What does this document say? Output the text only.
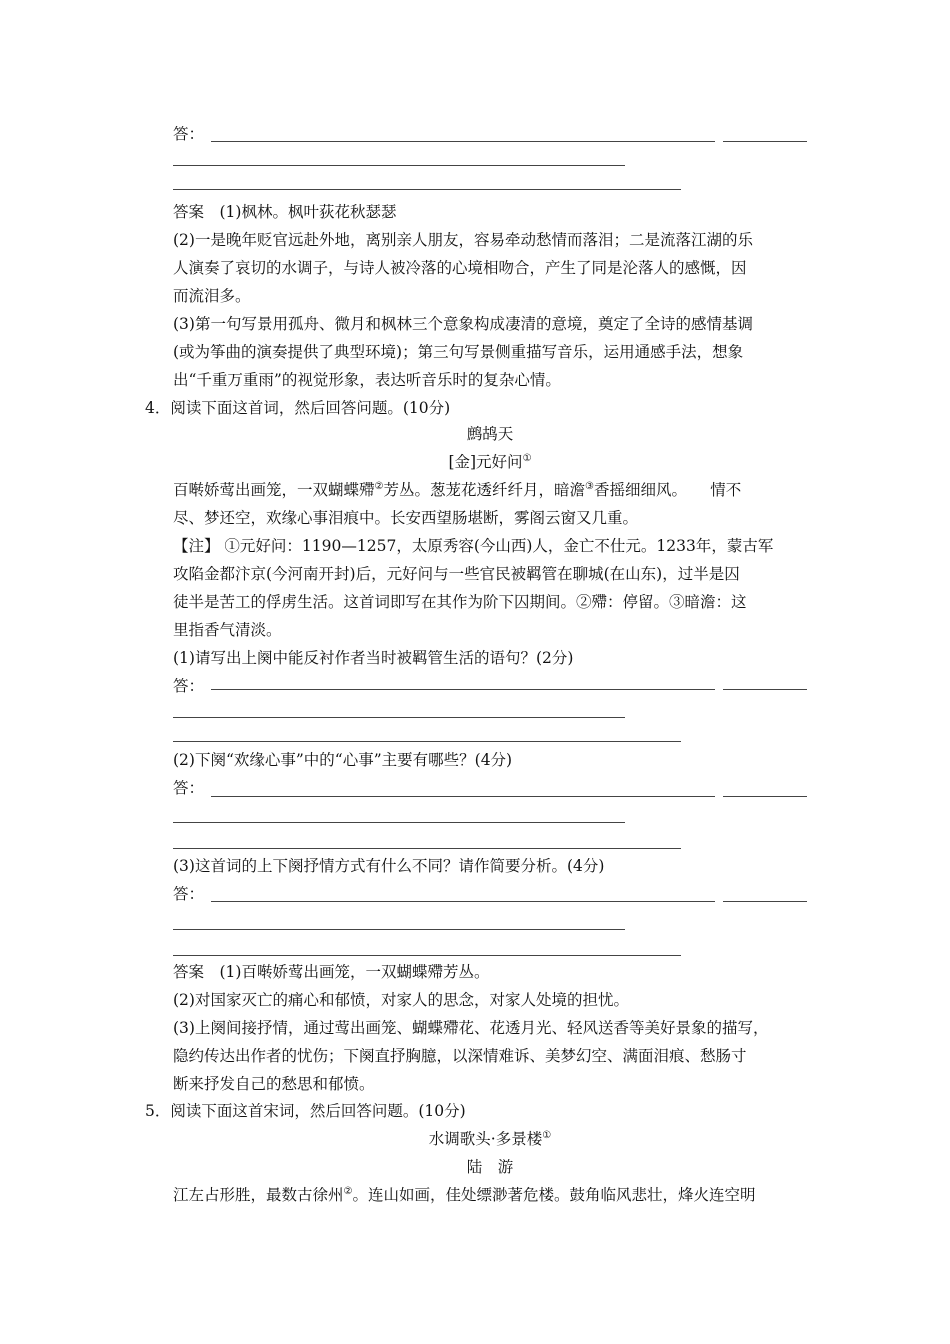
答：
答案　(1)枫林。枫叶荻花秋瑟瑟
(2)一是晚年贬官远赴外地，离别亲人朋友，容易牵动愁情而落泪；二是流落江湖的乐
人演奏了哀切的水调子，与诗人被冷落的心境相吻合，产生了同是沦落人的感慨，因
而流泪多。
(3)第一句写景用孤舟、微月和枫林三个意象构成凄清的意境，奠定了全诗的感情基调
(或为筝曲的演奏提供了典型环境)；第三句写景侧重描写音乐，运用通感手法，想象
出“千重万重雨”的视觉形象，表达听音乐时的复杂心情。
4．阅读下面这首词，然后回答问题。(10分)
鹧鸪天
[金]元好问①
百啭娇莺出画笼，一双蝴蝶殢②芳丛。葱茏花透纤纤月，暗澹③香摇细细风。　　情不
尽、梦还空，欢缘心事泪痕中。长安西望肠堪断，雾阁云窗又几重。
【注】 ①元好问：1190—1257，太原秀容(今山西)人，金亡不仕元。1233年，蒙古军
攻陷金都汴京(今河南开封)后，元好问与一些官民被羁管在聊城(在山东)，过半是囚
徒半是苦工的俘虏生活。这首词即写在其作为阶下囚期间。②殢：停留。③暗澹：这
里指香气清淡。
(1)请写出上阕中能反衬作者当时被羁管生活的语句？(2分)
答：
(2)下阕“欢缘心事”中的“心事”主要有哪些？(4分)
答：
(3)这首词的上下阕抒情方式有什么不同？请作简要分析。(4分)
答：
答案　(1)百啭娇莺出画笼，一双蝴蝶殢芳丛。
(2)对国家灭亡的痛心和郁愤，对家人的思念，对家人处境的担忧。
(3)上阕间接抒情，通过莺出画笼、蝴蝶殢花、花透月光、轻风送香等美好景象的描写，
隐约传达出作者的忧伤；下阕直抒胸臆，以深情难诉、美梦幻空、满面泪痕、愁肠寸
断来抒发自己的愁思和郁愤。
5．阅读下面这首宋词，然后回答问题。(10分)
水调歌头·多景楼①
陆　游
江左占形胜，最数古徐州②。连山如画，佳处缥渺著危楼。鼓角临风悲壮，烽火连空明
